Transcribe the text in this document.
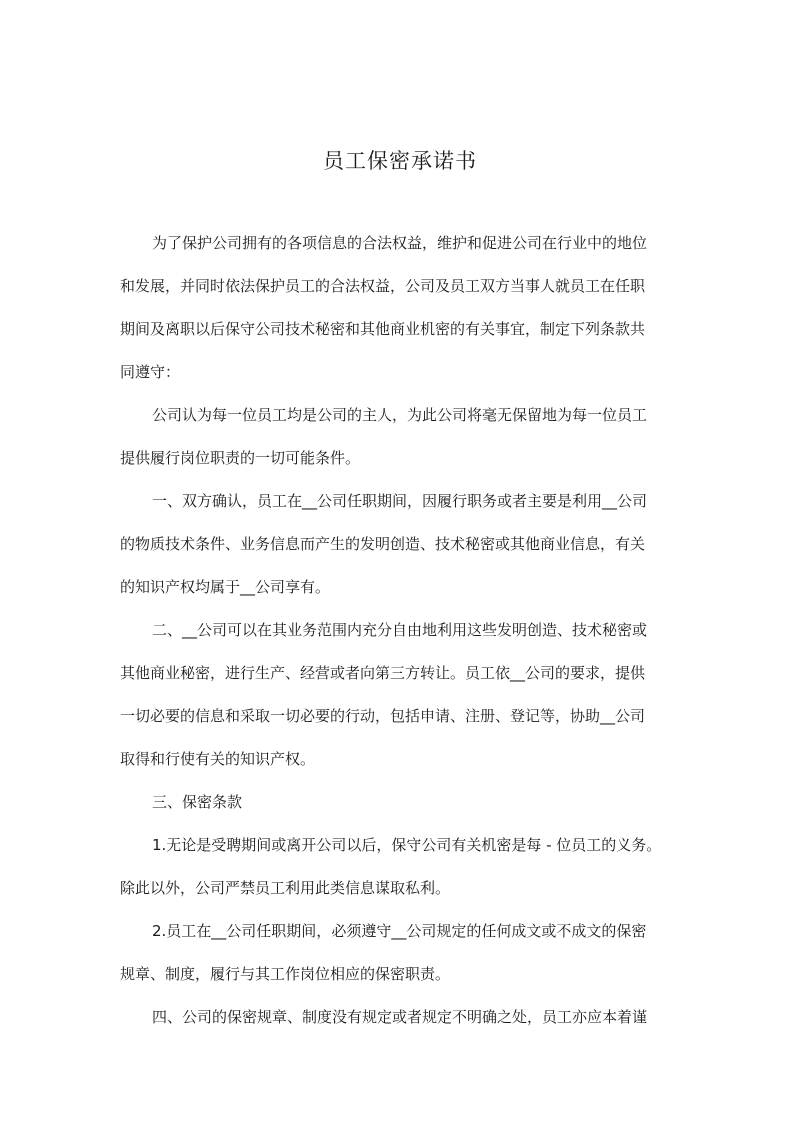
员工保密承诺书
为了保护公司拥有的各项信息的合法权益，维护和促进公司在行业中的地位
和发展，并同时依法保护员工的合法权益，公司及员工双方当事人就员工在任职
期间及离职以后保守公司技术秘密和其他商业机密的有关事宜，制定下列条款共
同遵守：
公司认为每一位员工均是公司的主人，为此公司将毫无保留地为每一位员工
提供履行岗位职责的一切可能条件。
一、双方确认，员工在__公司任职期间，因履行职务或者主要是利用__公司
的物质技术条件、业务信息而产生的发明创造、技术秘密或其他商业信息，有关
的知识产权均属于__公司享有。
二、__公司可以在其业务范围内充分自由地利用这些发明创造、技术秘密或
其他商业秘密，进行生产、经营或者向第三方转让。员工依__公司的要求，提供
一切必要的信息和采取一切必要的行动，包括申请、注册、登记等，协助__公司
取得和行使有关的知识产权。
三、保密条款
1.无论是受聘期间或离开公司以后，保守公司有关机密是每 - 位员工的义务。
除此以外，公司严禁员工利用此类信息谋取私利。
2.员工在__公司任职期间，必须遵守__公司规定的任何成文或不成文的保密
规章、制度，履行与其工作岗位相应的保密职责。
四、公司的保密规章、制度没有规定或者规定不明确之处，员工亦应本着谨
